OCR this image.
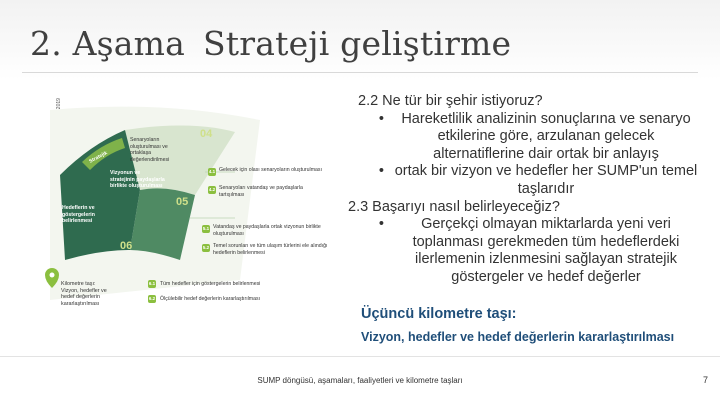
2. Aşama Strateji geliştirme
04
05
06
Senaryoların oluşturulması ve ortaklaşa değerlendirilmesi
Vizyonun ve stratejinin paydaşlarla birlikte oluşturulması
Hedeflerin ve göstergelerin belirlenmesi
Stratejik
4.1 Gelecek için olası senaryoların oluşturulması
4.2 Senaryoları vatandaş ve paydaşlarla tartışılması
5.1 Vatandaş ve paydaşlarla ortak vizyonun birlikte oluşturulması
5.2 Temel sorunları ve tüm ulaşım türlerini ele alındığı hedeflerin belirlenmesi
6.1 Tüm hedefler için göstergelerin belirlenmesi
6.2 Ölçülebilir hedef değerlerin kararlaştırılması
Kilometre taşı: Vizyon, hedefler ve hedef değerlerin kararlaştırılması
2.2 Ne tür bir şehir istiyoruz?
•	Hareketlilik analizinin sonuçlarına ve senaryo etkilerine göre, arzulanan gelecek alternatiflerine dair ortak bir anlayış
• ortak bir vizyon ve hedefler her SUMP'un temel taşlarıdır
2.3 Başarıyı nasıl belirleyeceğiz?
•	Gerçekçi olmayan miktarlarda yeni veri toplanması gerekmeden tüm hedeflerdeki ilerlemenin izlenmesini sağlayan stratejik göstergeler ve hedef değerler
Üçüncü kilometre taşı:
Vizyon, hedefler ve hedef değerlerin kararlaştırılması
SUMP döngüsü, aşamaları, faaliyetleri ve kilometre taşları	7
